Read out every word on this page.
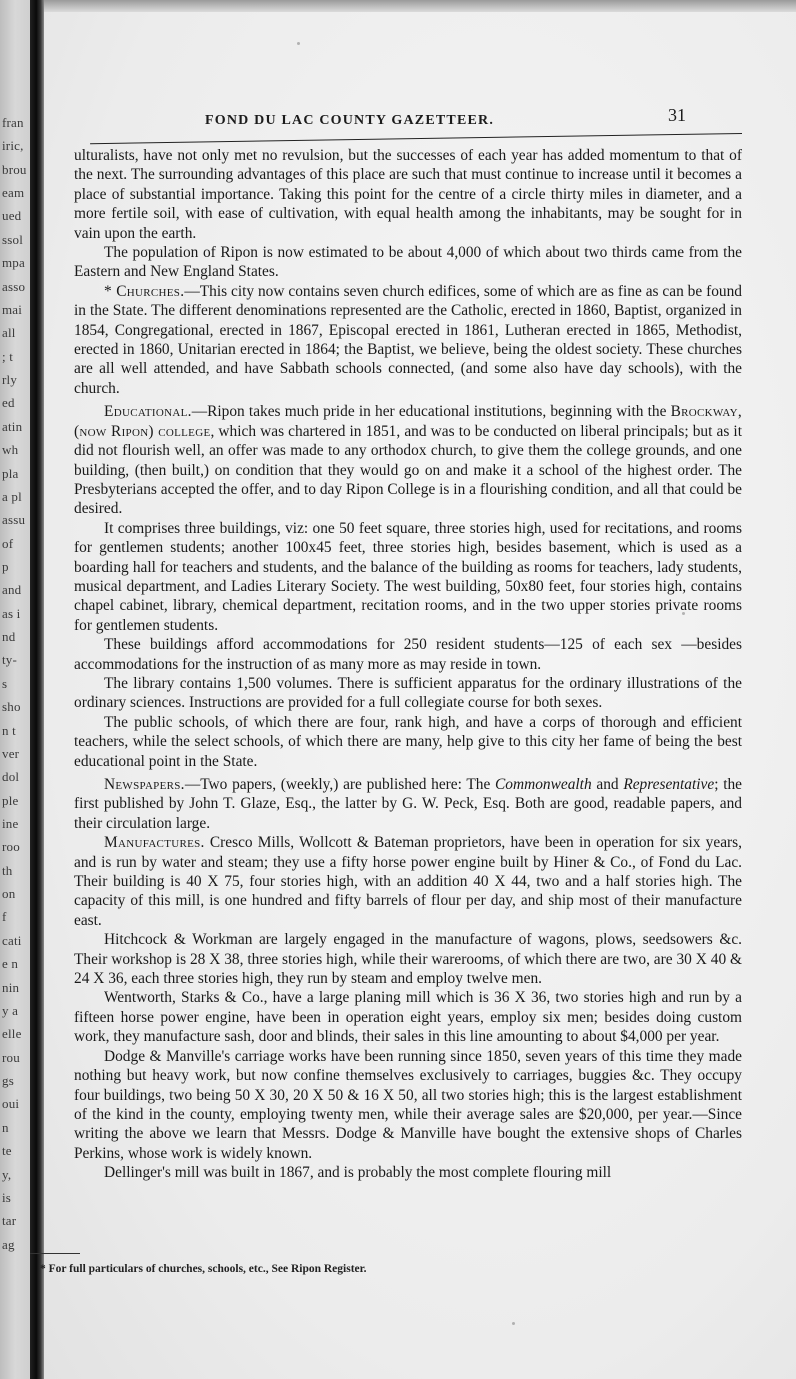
fran
iric,
brou
eam
ued
ssol
mpa
asso
mai
all
; t
rly
ed
atin
wh
pla
a pl
assu
of
p
and
as i
nd
ty-
s
sho
n t
ver
dol
ple
ine
roo
th
on
f
cati
e n
nin
y a
elle
rou
gs
oui
n
te
y,
is
tar
ag
FOND DU LAC COUNTY GAZETTEER.	31

ulturalists, have not only met no revulsion, but the successes of each year has added momentum to that of the next. The surrounding advantages of this place are such that must continue to increase until it becomes a place of substantial importance. Taking this point for the centre of a circle thirty miles in diameter, and a more fertile soil, with ease of cultivation, with equal health among the inhabitants, may be sought for in vain upon the earth.

The population of Ripon is now estimated to be about 4,000 of which about two thirds came from the Eastern and New England States.

* Churches.—This city now contains seven church edifices, some of which are as fine as can be found in the State. The different denominations represented are the Catholic, erected in 1860, Baptist, organized in 1854, Congregational, erected in 1867, Episcopal erected in 1861, Lutheran erected in 1865, Methodist, erected in 1860, Unitarian erected in 1864; the Baptist, we believe, being the oldest society. These churches are all well attended, and have Sabbath schools connected, (and some also have day schools), with the church.

Educational.—Ripon takes much pride in her educational institutions, beginning with the Brockway, (now Ripon) college, which was chartered in 1851, and was to be conducted on liberal principals; but as it did not flourish well, an offer was made to any orthodox church, to give them the college grounds, and one building, (then built,) on condition that they would go on and make it a school of the highest order. The Presbyterians accepted the offer, and to day Ripon College is in a flourishing condition, and all that could be desired.

It comprises three buildings, viz: one 50 feet square, three stories high, used for recitations, and rooms for gentlemen students; another 100x45 feet, three stories high, besides basement, which is used as a boarding hall for teachers and students, and the balance of the building as rooms for teachers, lady students, musical department, and Ladies Literary Society. The west building, 50x80 feet, four stories high, contains chapel cabinet, library, chemical department, recitation rooms, and in the two upper stories private rooms for gentlemen students.

These buildings afford accommodations for 250 resident students—125 of each sex —besides accommodations for the instruction of as many more as may reside in town.

The library contains 1,500 volumes. There is sufficient apparatus for the ordinary illustrations of the ordinary sciences. Instructions are provided for a full collegiate course for both sexes.

The public schools, of which there are four, rank high, and have a corps of thorough and efficient teachers, while the select schools, of which there are many, help give to this city her fame of being the best educational point in the State.

Newspapers.—Two papers, (weekly,) are published here: The Commonwealth and Representative; the first published by John T. Glaze, Esq., the latter by G. W. Peck, Esq. Both are good, readable papers, and their circulation large.

Manufactures. Cresco Mills, Wollcott & Bateman proprietors, have been in operation for six years, and is run by water and steam; they use a fifty horse power engine built by Hiner & Co., of Fond du Lac. Their building is 40 X 75, four stories high, with an addition 40 X 44, two and a half stories high. The capacity of this mill, is one hundred and fifty barrels of flour per day, and ship most of their manufacture east.

Hitchcock & Workman are largely engaged in the manufacture of wagons, plows, seedsowers &c. Their workshop is 28 X 38, three stories high, while their warerooms, of which there are two, are 30 X 40 & 24 X 36, each three stories high, they run by steam and employ twelve men.

Wentworth, Starks & Co., have a large planing mill which is 36 X 36, two stories high and run by a fifteen horse power engine, have been in operation eight years, employ six men; besides doing custom work, they manufacture sash, door and blinds, their sales in this line amounting to about $4,000 per year.

Dodge & Manville's carriage works have been running since 1850, seven years of this time they made nothing but heavy work, but now confine themselves exclusively to carriages, buggies &c. They occupy four buildings, two being 50 X 30, 20 X 50 & 16 X 50, all two stories high; this is the largest establishment of the kind in the county, employing twenty men, while their average sales are $20,000, per year.—Since writing the above we learn that Messrs. Dodge & Manville have bought the extensive shops of Charles Perkins, whose work is widely known.

Dellinger's mill was built in 1867, and is probably the most complete flouring mill

* For full particulars of churches, schools, etc., See Ripon Register.
